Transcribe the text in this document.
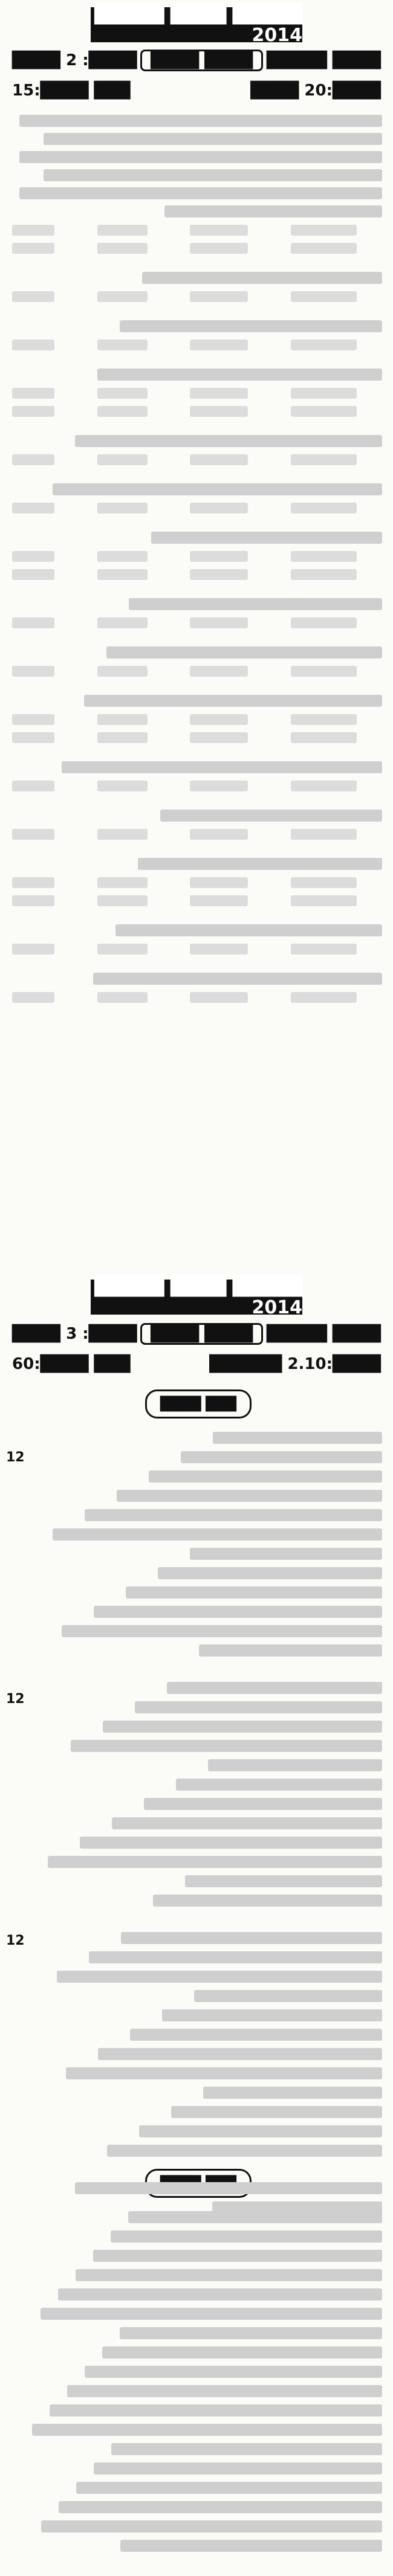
█████ ████ █████ 2014
████ █████
████ ████
████: 2 ████
████:20 ████
███ ████:15
█████ ████ █████ 2014
████ █████
████ ████
████: 3 ████
████:2.10 ██████
███ ████:60
████ ███
12
12
12
